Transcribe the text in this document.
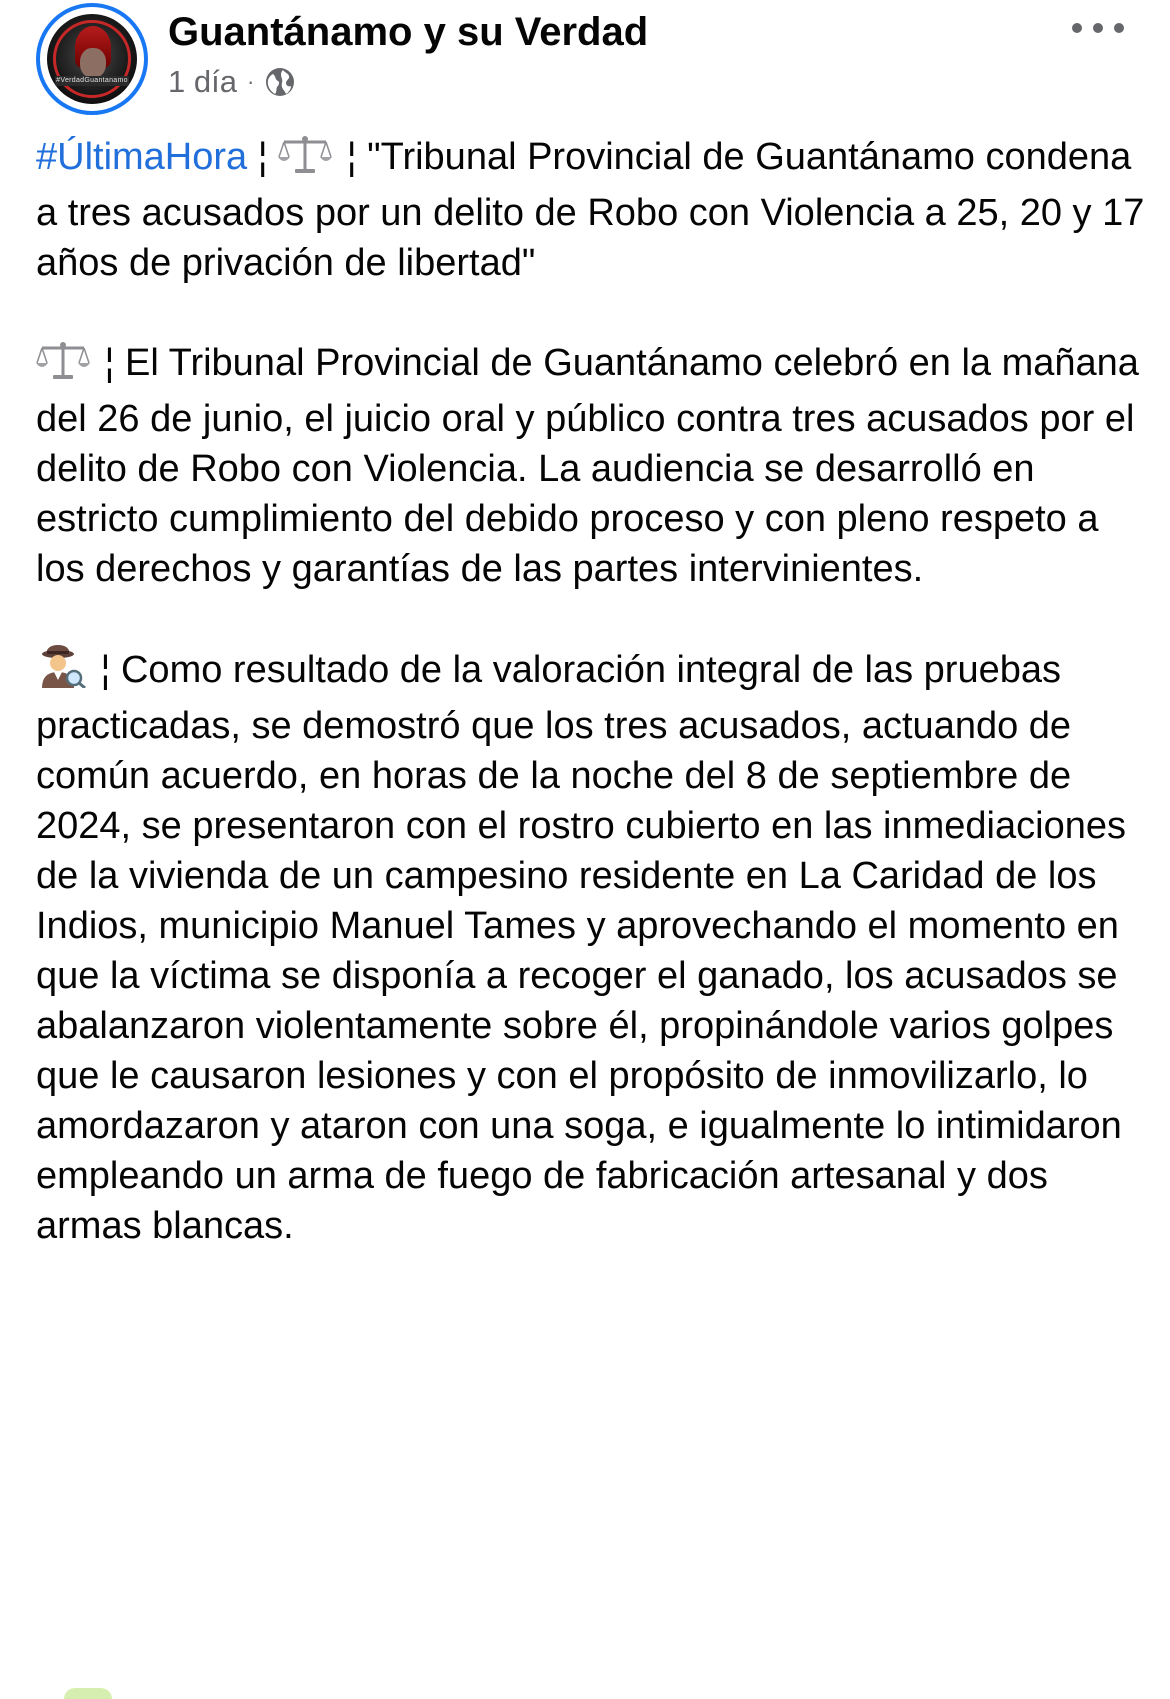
#VerdadGuantanamo
Guantánamo y su Verdad
1 día ·

#ÚltimaHora ¦  ¦ "Tribunal Provincial de Guantánamo condena a tres acusados por un delito de Robo con Violencia a 25, 20 y 17 años de privación de libertad"

¦ El Tribunal Provincial de Guantánamo celebró en la mañana del 26 de junio, el juicio oral y público contra tres acusados por el delito de Robo con Violencia. La audiencia se desarrolló en estricto cumplimiento del debido proceso y con pleno respeto a los derechos y garantías de las partes intervinientes.

¦ Como resultado de la valoración integral de las pruebas practicadas, se demostró que los tres acusados, actuando de común acuerdo, en horas de la noche del 8 de septiembre de 2024, se presentaron con el rostro cubierto en las inmediaciones de la vivienda de un campesino residente en La Caridad de los Indios, municipio Manuel Tames y aprovechando el momento en que la víctima se disponía a recoger el ganado, los acusados se abalanzaron violentamente sobre él, propinándole varios golpes que le causaron lesiones y con el propósito de inmovilizarlo, lo amordazaron y ataron con una soga, e igualmente lo intimidaron empleando un arma de fuego de fabricación artesanal y dos armas blancas.
